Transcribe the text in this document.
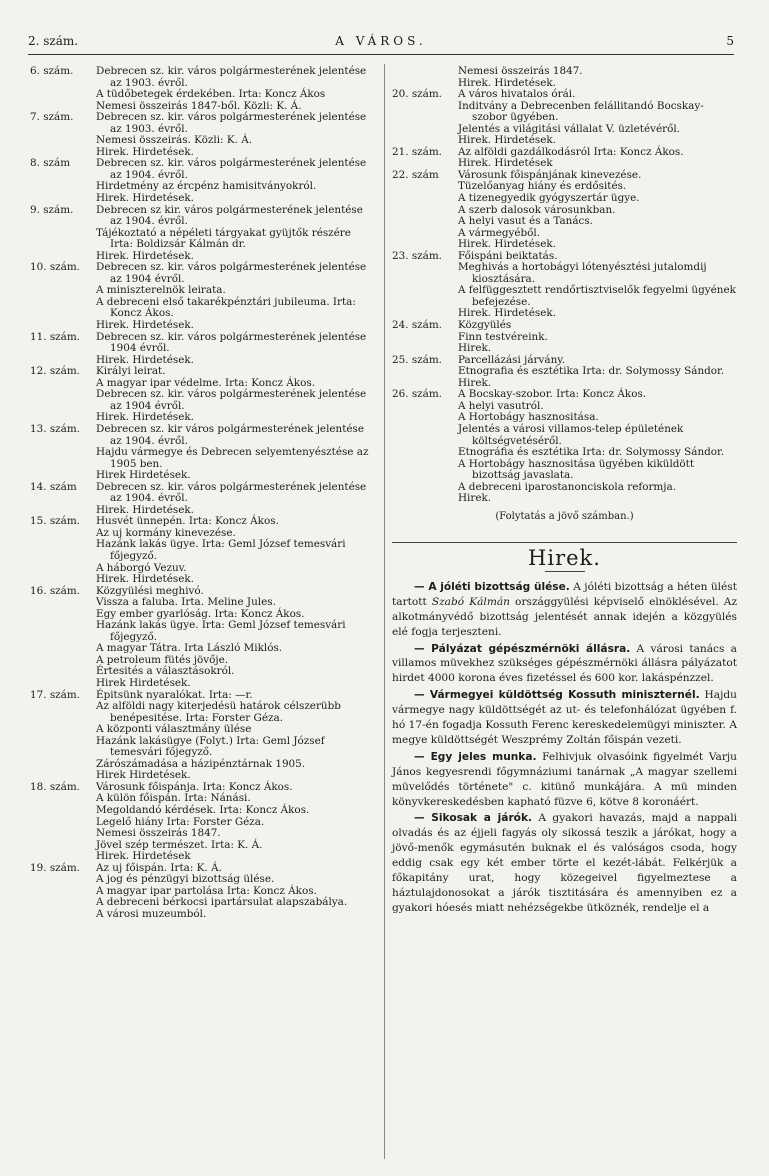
2. szám.	A VÁROS.	5
6. szám.	Debrecen sz. kir. város polgármesterének jelentése az 1903. évről.
A tüdőbetegek érdekében. Irta: Koncz Ákos
Nemesi összeirás 1847-ből. Közli: K. Á.
7. szám.	Debrecen sz. kir. város polgármesterének jelentése az 1903. évről.
Nemesi összeirás. Közli: K. Á.
Hirek. Hirdetések.
8. szám	Debrecen sz. kir. város polgármesterének jelentése az 1904. évről.
Hirdetmény az ércpénz hamisitványokról.
Hirek. Hirdetések.
9. szám.	Debrecen sz kir. város polgármesterének jelentése az 1904. évről.
Tájékoztató a népéleti tárgyakat gyüjtők részére Irta: Boldizsár Kálmán dr.
Hirek. Hirdetések.
10. szám.	Debrecen sz. kir. város polgármesterének jelentése az 1904 évről.
A miniszterelnök leirata.
A debreceni első takarékpénztári jubileuma. Irta: Koncz Ákos.
Hirek. Hirdetések.
11. szám.	Debrecen sz. kir. város polgármesterének jelentése 1904 évről.
Hirek. Hirdetések.
12. szám.	Királyi leirat.
A magyar ipar védelme. Irta: Koncz Ákos.
Debrecen sz. kir. város polgármesterének jelentése az 1904 évről.
Hirek. Hirdetések.
13. szám.	Debrecen sz. kir város polgármesterének jelentése az 1904. évről.
Hajdu vármegye és Debrecen selyemtenyésztése az 1905 ben.
Hirek Hirdetések.
14. szám	Debrecen sz. kir. város polgármesterének jelentése az 1904. évről.
Hirek. Hirdetések.
15. szám.	Husvét ünnepén. Irta: Koncz Ákos.
Az uj kormány kinevezése.
Hazánk lakás ügye. Irta: Geml József temesvári főjegyző.
A háborgó Vezuv.
Hirek. Hirdetések.
16. szám.	Közgyülési meghivó.
Vissza a faluba. Irta. Meline Jules.
Egy ember gyarlóság. Irta: Koncz Ákos.
Hazánk lakás ügye. Irta: Geml József temesvári főjegyző.
A magyar Tátra. Irta László Miklós.
A petroleum fütés jövője.
Értesités a választásokról.
Hirek Hirdetések.
17. szám.	Épitsünk nyaralókat. Irta: —r.
Az alföldi nagy kiterjedésü határok célszerübb benépesitése. Irta: Forster Géza.
A központi választmány ülése
Hazánk lakásügye (Folyt.) Irta: Geml József temesvári főjegyző.
Zárószámadása a házipénztárnak 1905.
Hirek Hirdetések.
18. szám.	Városunk főispánja. Irta: Koncz Ákos.
A külön főispán. Irta: Nánási.
Megoldandó kérdések. Irta: Koncz Ákos.
Legelő hiány Irta: Forster Géza.
Nemesi összeirás 1847.
Jövel szép természet. Irta: K. Á.
Hirek. Hirdetések
19. szám.	Az uj főispán. Irta: K. Á.
A jog és pénzügyi bizottság ülése.
A magyar ipar partolása Irta: Koncz Ákos.
A debreceni bérkocsi ipartársulat alapszabálya.
A városi muzeumból.
Nemesi összeirás 1847.
Hirek. Hirdetések.
20. szám.	A város hivatalos órái.
Inditvány a Debrecenben felállitandó Bocskay-szobor ügyében.
Jelentés a világitási vállalat V. üzletévéről.
Hirek. Hirdetések.
21. szám.	Az alföldi gazdálkodásról Irta: Koncz Ákos.
Hirek. Hirdetések
22. szám	Városunk főispánjának kinevezése.
Tüzelőanyag hiány és erdősités.
A tizenegyedik gyógyszertár ügye.
A szerb dalosok városunkban.
A helyi vasut és a Tanács.
A vármegyéből.
Hirek. Hirdetések.
23. szám.	Főispáni beiktatás.
Meghivás a hortobágyi lótenyésztési jutalomdij kiosztására.
A felfüggesztett rendőrtisztviselők fegyelmi ügyének befejezése.
Hirek. Hirdetések.
24. szám.	Közgyülés
Finn testvéreink.
Hirek.
25. szám.	Parcellázási járvány.
Etnografia és esztétika Irta: dr. Solymossy Sándor.
Hirek.
26. szám.	A Bocskay-szobor. Irta: Koncz Ákos.
A helyi vasutról.
A Hortobágy hasznositása.
Jelentés a városi villamos-telep épületének költségvetéséről.
Etnográfia és esztétika Irta: dr. Solymossy Sándor.
A Hortobágy hasznositása ügyében kiküldött bizottság javaslata.
A debreceni iparostanonciskola reformja.
Hirek.
(Folytatás a jövő számban.)
Hirek.

— A jóléti bizottság ülése. A jóléti bizottság a héten ülést tartott Szabó Kálmán országgyülési képviselő elnöklésével. Az alkotmányvédő bizottság jelentését annak idején a közgyülés elé fogja terjeszteni.

— Pályázat gépészmérnöki állásra. A városi tanács a villamos müvekhez szükséges gépészmérnöki állásra pályázatot hirdet 4000 korona éves fizetéssel és 600 kor. lakáspénzzel.

— Vármegyei küldöttség Kossuth miniszternél. Hajdu vármegye nagy küldöttségét az ut- és telefonhálózat ügyében f. hó 17-én fogadja Kossuth Ferenc kereskedelemügyi miniszter. A megye küldöttségét Weszprémy Zoltán főispán vezeti.

— Egy jeles munka. Felhivjuk olvasóink figyelmét Varju János kegyesrendi főgymnáziumi tanárnak „A magyar szellemi müvelődés története" c. kitünő munkájára. A mü minden könyvkereskedésben kapható füzve 6, kötve 8 koronáért.

— Sikosak a járók. A gyakori havazás, majd a nappali olvadás és az éjjeli fagyás oly sikossá teszik a járókat, hogy a jövő-menők egymásutén buknak el és valóságos csoda, hogy eddig csak egy két ember törte el kezét-lábát. Felkérjük a főkapitány urat, hogy közegeivel figyelmeztese a háztulajdonosokat a járók tisztitására és amennyiben ez a gyakori hóesés miatt nehézségekbe ütköznék, rendelje el a
